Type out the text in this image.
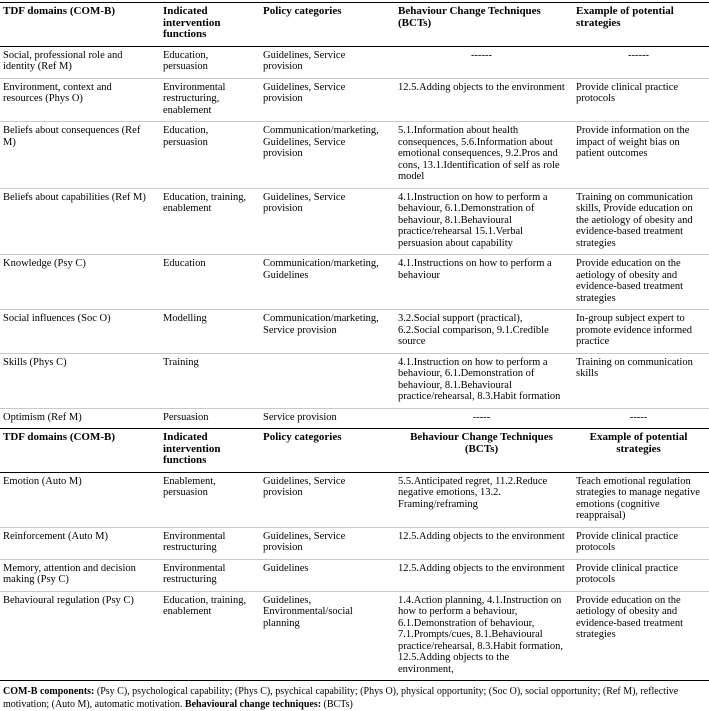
TDF domains (COM-B)	Indicated intervention functions	Policy categories	Behaviour Change Techniques (BCTs)	Example of potential strategies
Social, professional role and identity (Ref M)	Education, persuasion	Guidelines, Service provision	------	------
Environment, context and resources (Phys O)	Environmental restructuring, enablement	Guidelines, Service provision	12.5.Adding objects to the environment	Provide clinical practice protocols
Beliefs about consequences (Ref M)	Education, persuasion	Communication/marketing, Guidelines, Service provision	5.1.Information about health consequences, 5.6.Information about emotional consequences, 9.2.Pros and cons, 13.1.Identification of self as role model	Provide information on the impact of weight bias on patient outcomes
Beliefs about capabilities (Ref M)	Education, training, enablement	Guidelines, Service provision	4.1.Instruction on how to perform a behaviour, 6.1.Demonstration of behaviour, 8.1.Behavioural practice/rehearsal 15.1.Verbal persuasion about capability	Training on communication skills, Provide education on the aetiology of obesity and evidence-based treatment strategies
Knowledge (Psy C)	Education	Communication/marketing, Guidelines	4.1.Instructions on how to perform a behaviour	Provide education on the aetiology of obesity and evidence-based treatment strategies
Social influences (Soc O)	Modelling	Communication/marketing, Service provision	3.2.Social support (practical), 6.2.Social comparison, 9.1.Credible source	In-group subject expert to promote evidence informed practice
Skills (Phys C)	Training		4.1.Instruction on how to perform a behaviour, 6.1.Demonstration of behaviour, 8.1.Behavioural practice/rehearsal, 8.3.Habit formation	Training on communication skills
Optimism (Ref M)	Persuasion	Service provision	-----	-----
TDF domains (COM-B)	Indicated intervention functions	Policy categories	Behaviour Change Techniques (BCTs)	Example of potential strategies
Emotion (Auto M)	Enablement, persuasion	Guidelines, Service provision	5.5.Anticipated regret, 11.2.Reduce negative emotions, 13.2. Framing/reframing	Teach emotional regulation strategies to manage negative emotions (cognitive reappraisal)
Reinforcement (Auto M)	Environmental restructuring	Guidelines, Service provision	12.5.Adding objects to the environment	Provide clinical practice protocols
Memory, attention and decision making (Psy C)	Environmental restructuring	Guidelines	12.5.Adding objects to the environment	Provide clinical practice protocols
Behavioural regulation (Psy C)	Education, training, enablement	Guidelines, Environmental/social planning	1.4.Action planning, 4.1.Instruction on how to perform a behaviour, 6.1.Demonstration of behaviour, 7.1.Prompts/cues, 8.1.Behavioural practice/rehearsal, 8.3.Habit formation, 12.5.Adding objects to the environment,	Provide education on the aetiology of obesity and evidence-based treatment strategies

COM-B components: (Psy C), psychological capability; (Phys C), psychical capability; (Phys O), physical opportunity; (Soc O), social opportunity; (Ref M), reflective motivation; (Auto M), automatic motivation. Behavioural change techniques: (BCTs)
